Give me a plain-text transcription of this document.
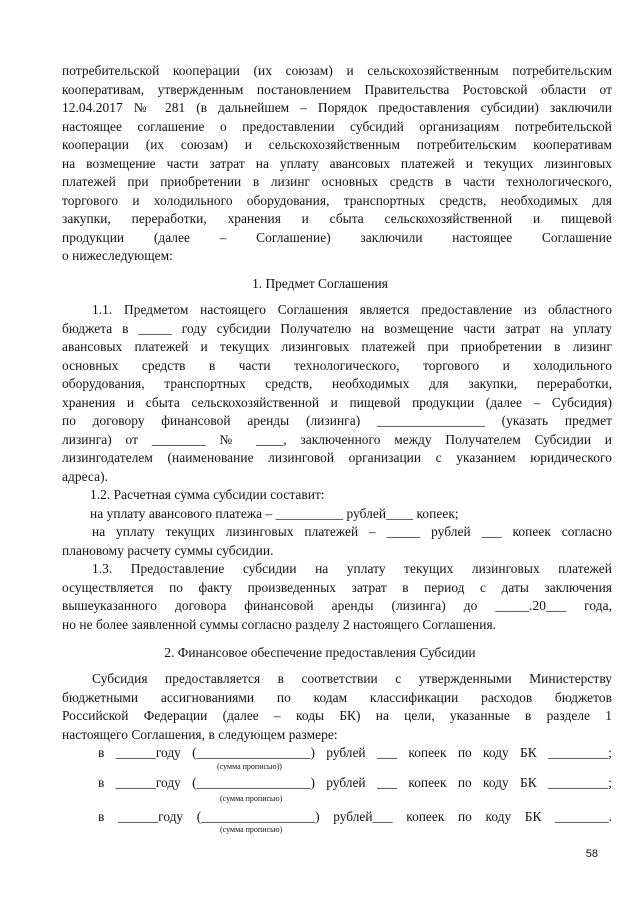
потребительской кооперации (их союзам) и сельскохозяйственным потребительским
кооперативам, утвержденным постановлением Правительства Ростовской области от
12.04.2017 № 281 (в дальнейшем – Порядок предоставления субсидии) заключили
настоящее соглашение о предоставлении субсидий организациям потребительской
кооперации (их союзам) и сельскохозяйственным потребительским кооперативам
на возмещение части затрат на уплату авансовых платежей и текущих лизинговых
платежей при приобретении в лизинг основных средств в части технологического,
торгового и холодильного оборудования, транспортных средств, необходимых для
закупки, переработки, хранения и сбыта сельскохозяйственной и пищевой
продукции (далее – Соглашение) заключили настоящее Соглашение
о нижеследующем:
1. Предмет Соглашения
1.1. Предметом настоящего Соглашения является предоставление из областного
бюджета в _____ году субсидии Получателю на возмещение части затрат на уплату
авансовых платежей и текущих лизинговых платежей при приобретении в лизинг
основных средств в части технологического, торгового и холодильного
оборудования, транспортных средств, необходимых для закупки, переработки,
хранения и сбыта сельскохозяйственной и пищевой продукции (далее – Субсидия)
по договору финансовой аренды (лизинга) ________________ (указать предмет
лизинга) от ________ № ____, заключенного между Получателем Субсидии и
лизингодателем (наименование лизинговой организации с указанием юридического
адреса).
1.2. Расчетная сумма субсидии составит:
на уплату авансового платежа – __________ рублей____ копеек;
на уплату текущих лизинговых платежей – _____ рублей ___ копеек согласно
плановому расчету суммы субсидии.
1.3. Предоставление субсидии на уплату текущих лизинговых платежей
осуществляется по факту произведенных затрат в период с даты заключения
вышеуказанного договора финансовой аренды (лизинга) до _____.20___ года,
но не более заявленной суммы согласно разделу 2 настоящего Соглашения.
2. Финансовое обеспечение предоставления Субсидии
Субсидия предоставляется в соответствии с утвержденными Министерству
бюджетными ассигнованиями по кодам классификации расходов бюджетов
Российской Федерации (далее – коды БК) на цели, указанные в разделе 1
настоящего Соглашения, в следующем размере:
в ______году (_________________) рублей ___ копеек по коду БК _________;
(сумма прописью))
в ______году (_________________) рублей ___ копеек по коду БК _________;
(сумма прописью)
в ______году (_________________) рублей___ копеек по коду БК ________.
(сумма прописью)
58
